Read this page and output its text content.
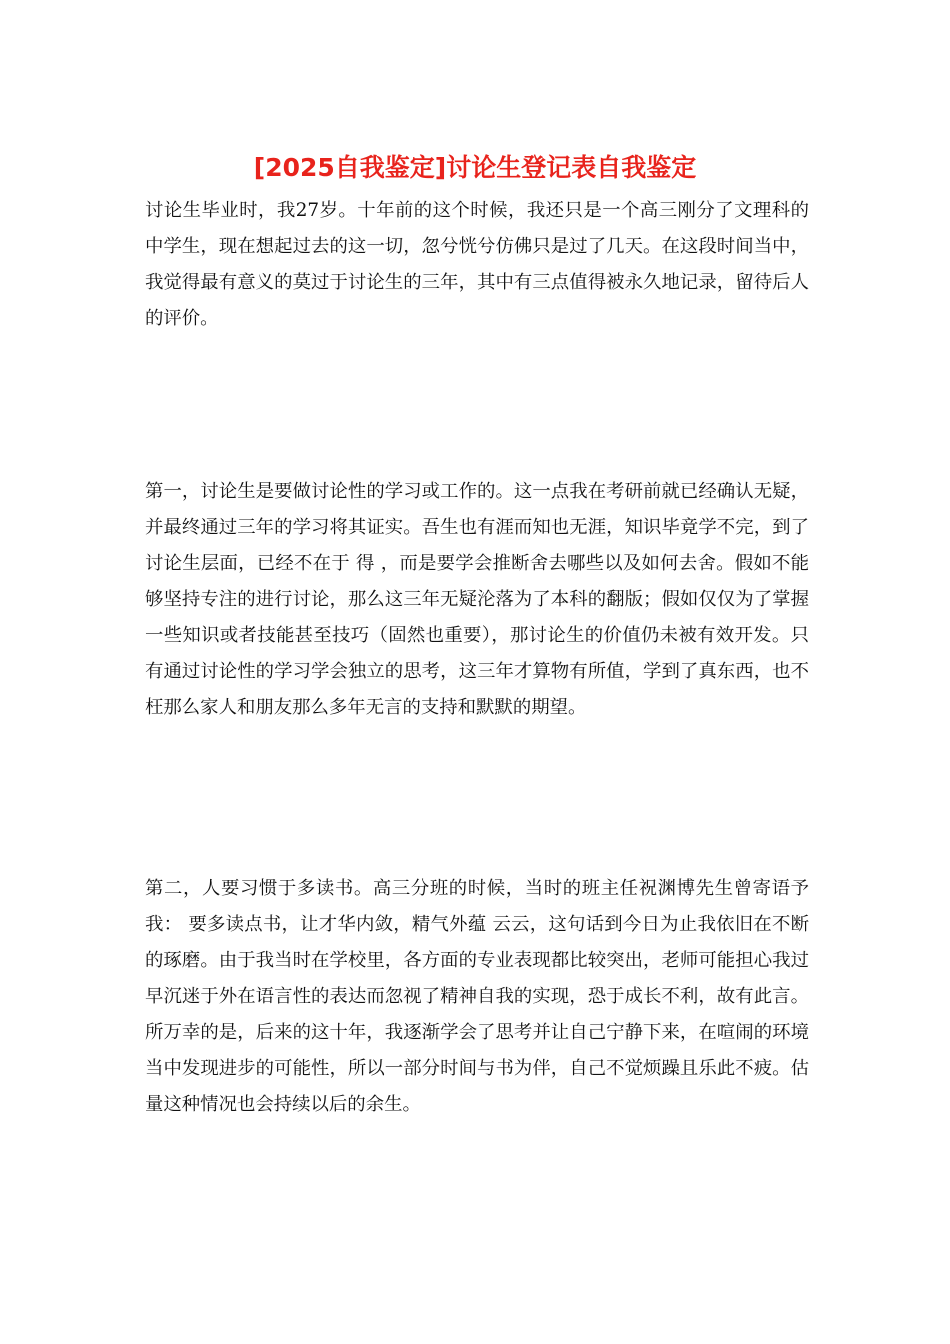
[2025自我鉴定]讨论生登记表自我鉴定

讨论生毕业时，我27岁。十年前的这个时候，我还只是一个高三刚分了文理科的中学生，现在想起过去的这一切，忽兮恍兮仿佛只是过了几天。在这段时间当中，我觉得最有意义的莫过于讨论生的三年，其中有三点值得被永久地记录，留待后人的评价。

第一，讨论生是要做讨论性的学习或工作的。这一点我在考研前就已经确认无疑，并最终通过三年的学习将其证实。吾生也有涯而知也无涯，知识毕竟学不完，到了讨论生层面，已经不在于 得 ，而是要学会推断舍去哪些以及如何去舍。假如不能够坚持专注的进行讨论，那么这三年无疑沦落为了本科的翻版；假如仅仅为了掌握一些知识或者技能甚至技巧（固然也重要），那讨论生的价值仍未被有效开发。只有通过讨论性的学习学会独立的思考，这三年才算物有所值，学到了真东西，也不枉那么家人和朋友那么多年无言的支持和默默的期望。

第二，人要习惯于多读书。高三分班的时候，当时的班主任祝渊博先生曾寄语予我： 要多读点书，让才华内敛，精气外蕴 云云，这句话到今日为止我依旧在不断的琢磨。由于我当时在学校里，各方面的专业表现都比较突出，老师可能担心我过早沉迷于外在语言性的表达而忽视了精神自我的实现，恐于成长不利，故有此言。所万幸的是，后来的这十年，我逐渐学会了思考并让自己宁静下来，在喧闹的环境当中发现进步的可能性，所以一部分时间与书为伴，自己不觉烦躁且乐此不疲。估量这种情况也会持续以后的余生。
